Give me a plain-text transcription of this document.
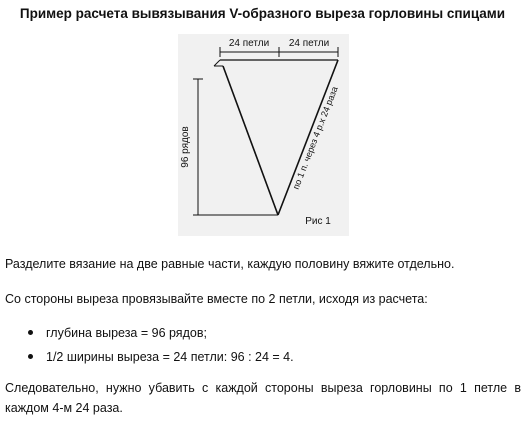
Пример расчета вывязывания V-образного выреза горловины спицами
24 петли 24 петли
96 рядов	по 1 п. через 4 р.х 24 раза
Рис 1
Разделите вязание на две равные части, каждую половину вяжите отдельно.
Со стороны выреза провязывайте вместе по 2 петли, исходя из расчета:
глубина выреза = 96 рядов;
1/2 ширины выреза = 24 петли: 96 : 24 = 4.
Следовательно, нужно убавить с каждой стороны выреза горловины по 1 петле в каждом 4-м 24 раза.
